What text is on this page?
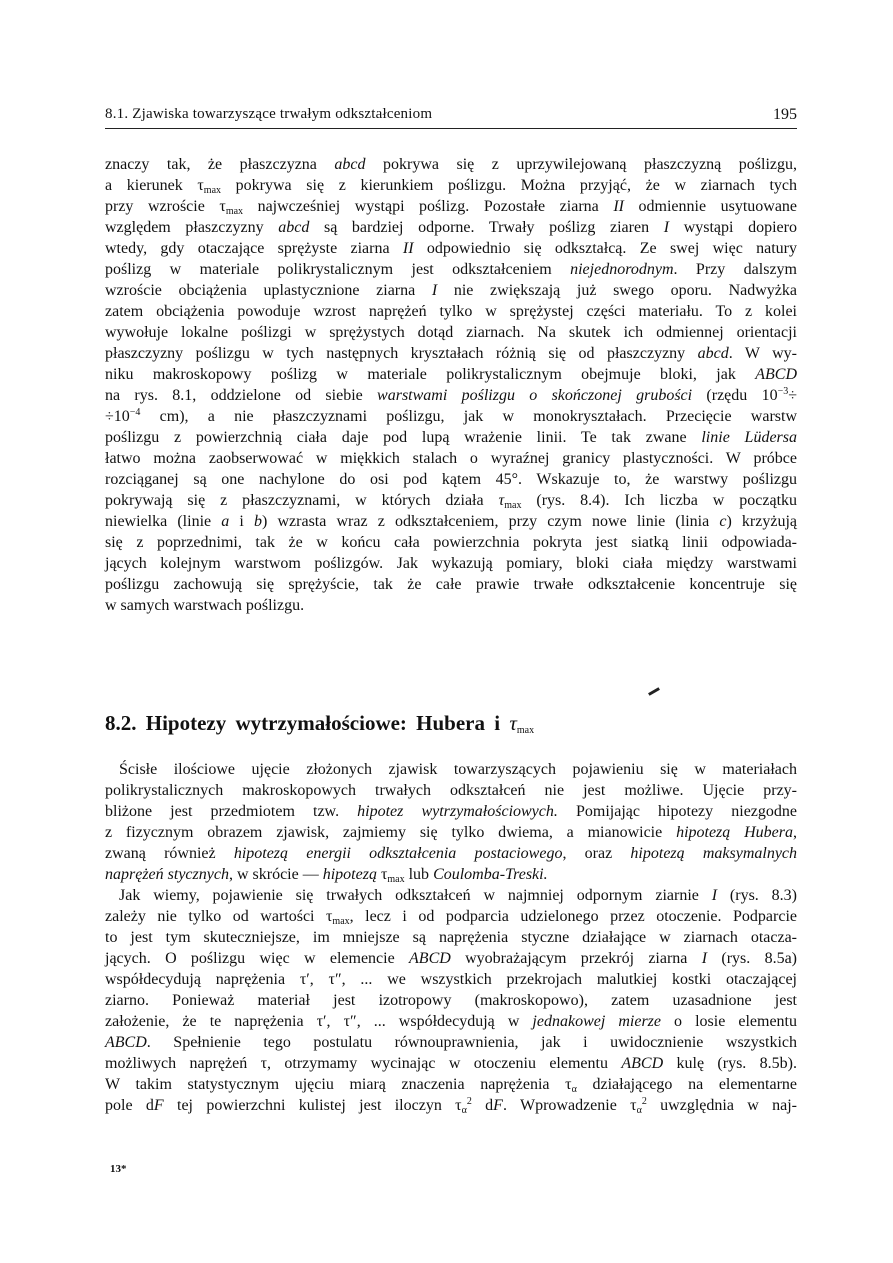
8.1. Zjawiska towarzyszące trwałym odkształceniom	195
znaczy tak, że płaszczyzna abcd pokrywa się z uprzywilejowaną płaszczyzną poślizgu,
a kierunek $\tau_{max}$ pokrywa się z kierunkiem poślizgu. Można przyjąć, że w ziarnach tych
przy wzroście $\tau_{max}$ najwcześniej wystąpi poślizg. Pozostałe ziarna II odmiennie usytuowane
względem płaszczyzny abcd są bardziej odporne. Trwały poślizg ziaren I wystąpi dopiero
wtedy, gdy otaczające sprężyste ziarna II odpowiednio się odkształcą. Ze swej więc natury
poślizg w materiale polikrystalicznym jest odkształceniem niejednorodnym. Przy dalszym
wzroście obciążenia uplastycznione ziarna I nie zwiększają już swego oporu. Nadwyżka
zatem obciążenia powoduje wzrost naprężeń tylko w sprężystej części materiału. To z kolei
wywołuje lokalne poślizgi w sprężystych dotąd ziarnach. Na skutek ich odmiennej orientacji
płaszczyzny poślizgu w tych następnych kryształach różnią się od płaszczyzny abcd. W wy-
niku makroskopowy poślizg w materiale polikrystalicznym obejmuje bloki, jak ABCD
na rys. 8.1, oddzielone od siebie warstwami poślizgu o skończonej grubości (rzędu $10^{-3}\div$
$\div 10^{-4}$ cm), a nie płaszczyznami poślizgu, jak w monokryształach. Przecięcie warstw
poślizgu z powierzchnią ciała daje pod lupą wrażenie linii. Te tak zwane linie Lüdersa
łatwo można zaobserwować w miękkich stalach o wyraźnej granicy plastyczności. W próbce
rozciąganej są one nachylone do osi pod kątem 45°. Wskazuje to, że warstwy poślizgu
pokrywają się z płaszczyznami, w których działa $\tau_{max}$ (rys. 8.4). Ich liczba w początku
niewielka (linie a i b) wzrasta wraz z odkształceniem, przy czym nowe linie (linia c) krzyżują
się z poprzednimi, tak że w końcu cała powierzchnia pokryta jest siatką linii odpowiada-
jących kolejnym warstwom poślizgów. Jak wykazują pomiary, bloki ciała między warstwami
poślizgu zachowują się sprężyście, tak że całe prawie trwałe odkształcenie koncentruje się
w samych warstwach poślizgu.
8.2. Hipotezy wytrzymałościowe: Hubera i $\tau_{max}$
Ścisłe ilościowe ujęcie złożonych zjawisk towarzyszących pojawieniu się w materiałach
polikrystalicznych makroskopowych trwałych odkształceń nie jest możliwe. Ujęcie przy-
bliżone jest przedmiotem tzw. hipotez wytrzymałościowych. Pomijając hipotezy niezgodne
z fizycznym obrazem zjawisk, zajmiemy się tylko dwiema, a mianowicie hipotezą Hubera,
zwaną również hipotezą energii odkształcenia postaciowego, oraz hipotezą maksymalnych
naprężeń stycznych, w skrócie — hipotezą $\tau_{max}$ lub Coulomba-Treski.
Jak wiemy, pojawienie się trwałych odkształceń w najmniej odpornym ziarnie I (rys. 8.3)
zależy nie tylko od wartości $\tau_{max}$, lecz i od podparcia udzielonego przez otoczenie. Podparcie
to jest tym skuteczniejsze, im mniejsze są naprężenia styczne działające w ziarnach otacza-
jących. O poślizgu więc w elemencie ABCD wyobrażającym przekrój ziarna I (rys. 8.5a)
współdecydują naprężenia τ′, τ″, ... we wszystkich przekrojach malutkiej kostki otaczającej
ziarno. Ponieważ materiał jest izotropowy (makroskopowo), zatem uzasadnione jest
założenie, że te naprężenia τ′, τ″, ... współdecydują w jednakowej mierze o losie elementu
ABCD. Spełnienie tego postulatu równouprawnienia, jak i uwidocznienie wszystkich
możliwych naprężeń τ, otrzymamy wycinając w otoczeniu elementu ABCD kulę (rys. 8.5b).
W takim statystycznym ujęciu miarą znaczenia naprężenia $\tau_\alpha$ działającego na elementarne
pole dF tej powierzchni kulistej jest iloczyn $\tau_\alpha^2$ dF. Wprowadzenie $\tau_\alpha^2$ uwzględnia w naj-
13*
